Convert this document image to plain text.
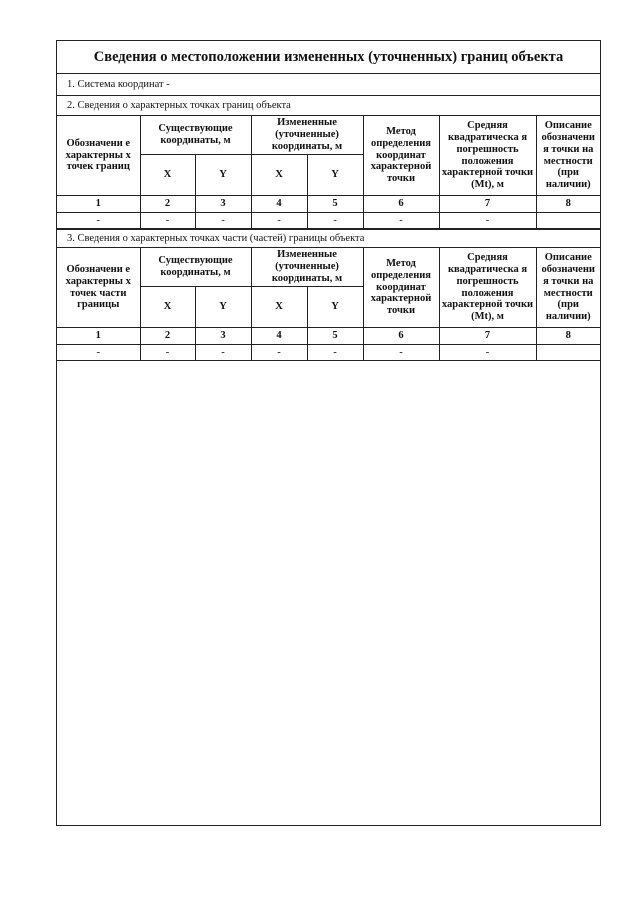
Сведения о местоположении измененных (уточненных) границ объекта
1. Система координат -
2. Сведения о характерных точках границ объекта
Обозначени е характерны х точек границ	Существующие координаты, м		Измененные (уточненные) координаты, м		Метод определения координат характерной точки	Средняя квадратическа я погрешность положения характерной точки (Mt), м	Описание обозначени я точки на местности (при наличии)
	X	Y	X	Y			
1	2	3	4	5	6	7	8
-	-	-	-	-	-	-	
3. Сведения о характерных точках части (частей) границы объекта
Обозначени е характерны х точек части границы	Существующие координаты, м		Измененные (уточненные) координаты, м		Метод определения координат характерной точки	Средняя квадратическа я погрешность положения характерной точки (Mt), м	Описание обозначени я точки на местности (при наличии)
	X	Y	X	Y			
1	2	3	4	5	6	7	8
-	-	-	-	-	-	-	
